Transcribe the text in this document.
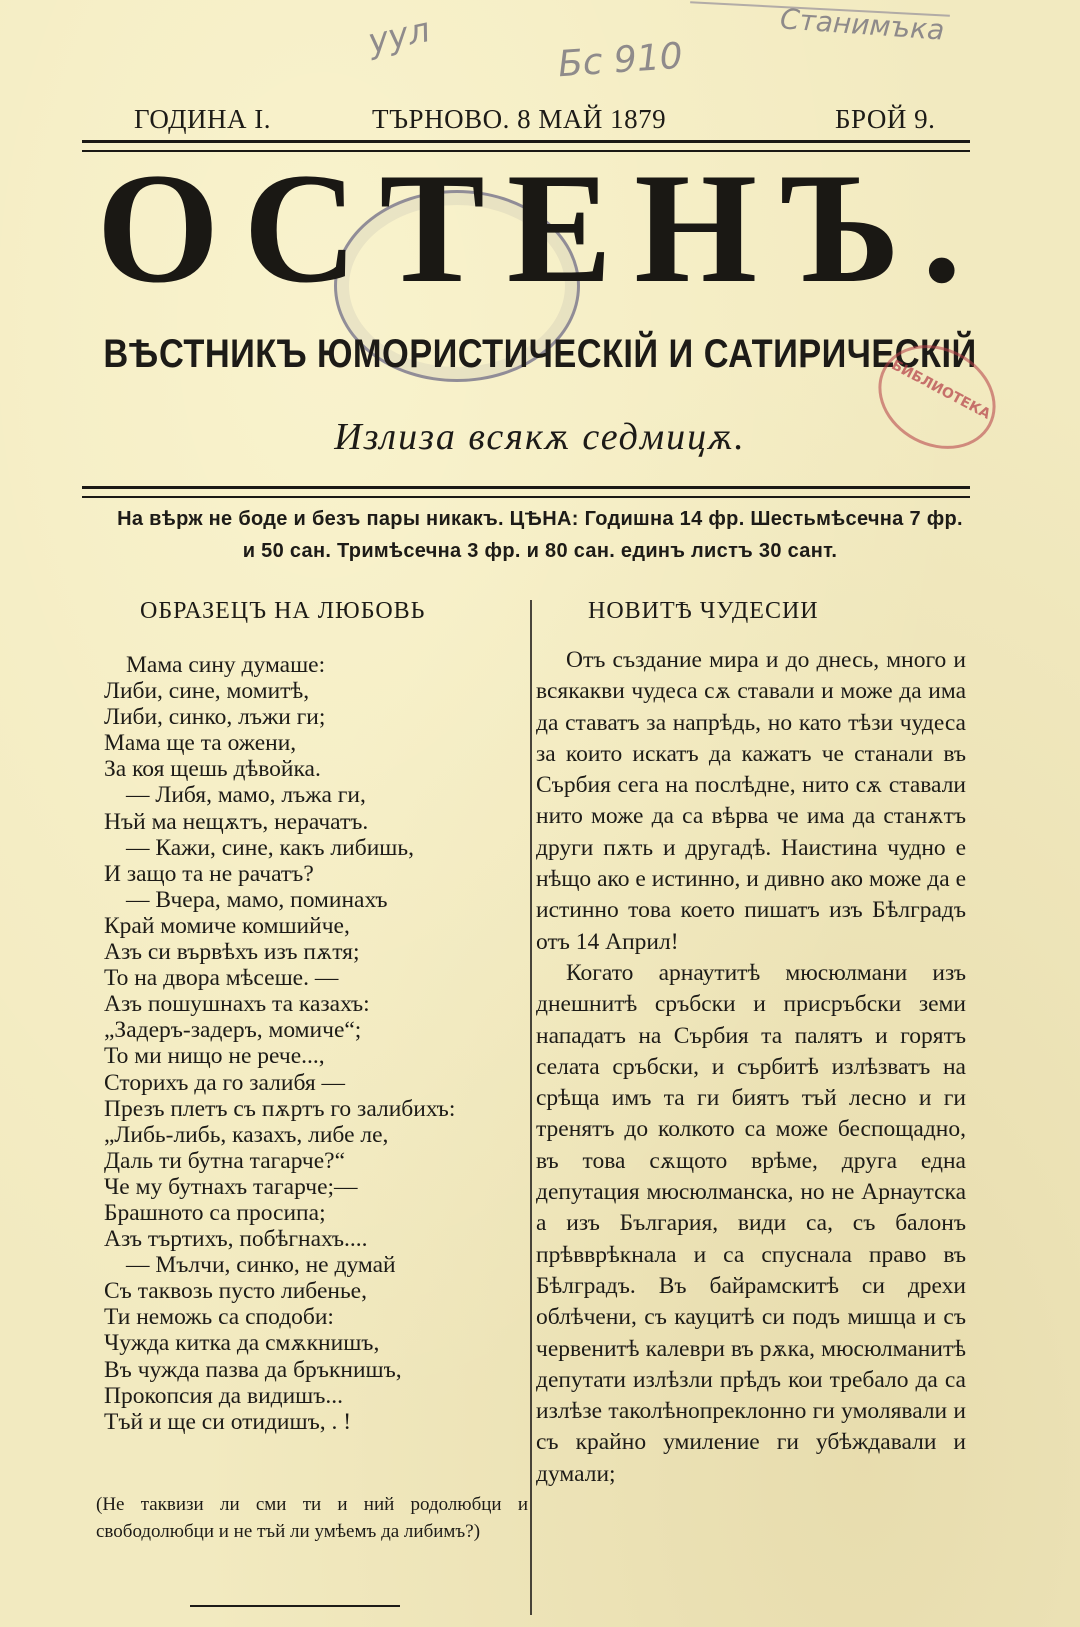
уул	Бс 910
Станимъка
ГОДИНА I.	ТЪРНОВО. 8 МАЙ 1879	БРОЙ 9.
ОСТЕНЪ.
ВѢСТНИКЪ ЮМОРИСТИЧЕСКІЙ И САТИРИЧЕСКІЙ
Излиза всякѫ седмицѫ.
БИБЛИОТЕКА
На вѣрж не боде и безъ пары никакъ. ЦѢНА: Годишна 14 фр. Шестьмѣсечна 7 фр.
и 50 сан. Тримѣсечна 3 фр. и 80 сан. единъ листъ 30 сант.
ОБРАЗЕЦЪ НА ЛЮБОВЬ
Мама сину думаше:
Либи, сине, момитѣ,
Либи, синко, лъжи ги;
Мама ще та ожени,
За коя щешь дѣвойка.
— Либя, мамо, лъжа ги,
Нъй ма нещѫтъ, нерачатъ.
— Кажи, сине, какъ либишь,
И защо та не рачатъ?
— Вчера, мамо, поминахъ
Край момиче комшийче,
Азъ си вървѣхъ изъ пѫтя;
То на двора мѣсеше. —
Азъ пошушнахъ та казахъ:
„Задеръ-задеръ, момиче“;
То ми нищо не рече...,
Сторихъ да го залибя —
Презъ плетъ съ пѫртъ го залибихъ:
„Либь-либь, казахъ, либе ле,
Даль ти бутна тагарче?“
Че му бутнахъ тагарче;—
Брашното са просипа;
Азъ търтихъ, побѣгнахъ....
— Мълчи, синко, не думай
Съ таквозь пусто либенье,
Ти неможь са сподоби:
Чужда китка да смѫкнишъ,
Въ чужда пазва да бръкнишъ,
Прокопсия да видишъ...
Тъй и ще си отидишъ, . !
(Не таквизи ли сми ти и ний родолюбци и свободолюбци и не тъй ли умѣемъ да либимъ?)
НОВИТѢ ЧУДЕСИИ

Отъ създание мира и до днесь, много и всякакви чудеса сѫ ставали и може да има да ставатъ за напрѣдь, но като тѣзи чудеса за които искатъ да кажатъ че станали въ Сърбия сега на послѣдне, нито сѫ ставали нито може да са вѣрва че има да станѫтъ други пѫть и другадѣ. Наистина чудно е нѣщо ако е истинно, и дивно ако може да е истинно това което пишатъ изъ Бѣлградъ отъ 14 Април!

Когато арнаутитѣ мюсюлмани изъ днешнитѣ сръбски и присръбски земи нападатъ на Сърбия та палятъ и горятъ селата сръбски, и сърбитѣ излѣзватъ на срѣща имъ та ги биятъ тъй лесно и ги тренятъ до колкото са може беспощадно, въ това сѫщото врѣме, друга една депутация мюсюлманска, но не Арнаутска а изъ България, види са, съ балонъ прѣвврѣкнала и са спуснала право въ Бѣлградъ. Въ байрамскитѣ си дрехи облѣчени, съ кауцитѣ си подъ мишца и съ червенитѣ калеври въ рѫка, мюсюлманитѣ депутати излѣзли прѣдъ кои требало да са излѣзе таколѣнопреклонно ги умолявали и съ крайно умиление ги убѣждавали и думали;
